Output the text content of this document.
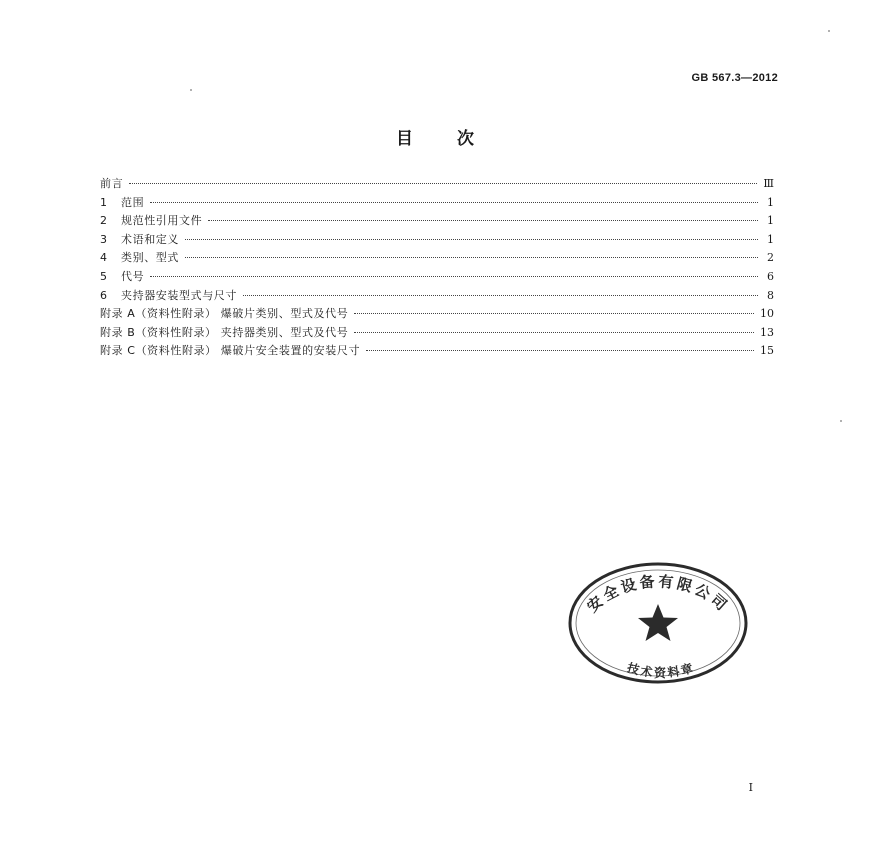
GB 567.3—2012
目次
前言	Ⅲ
1	范围	1
2	规范性引用文件	1
3	术语和定义	1
4	类别、型式	2
5	代号	6
6	夹持器安装型式与尺寸	8
附录 A（资料性附录） 爆破片类别、型式及代号	10
附录 B（资料性附录） 夹持器类别、型式及代号	13
附录 C（资料性附录） 爆破片安全装置的安装尺寸	15
安全设备有限公司
技术资料章
I
